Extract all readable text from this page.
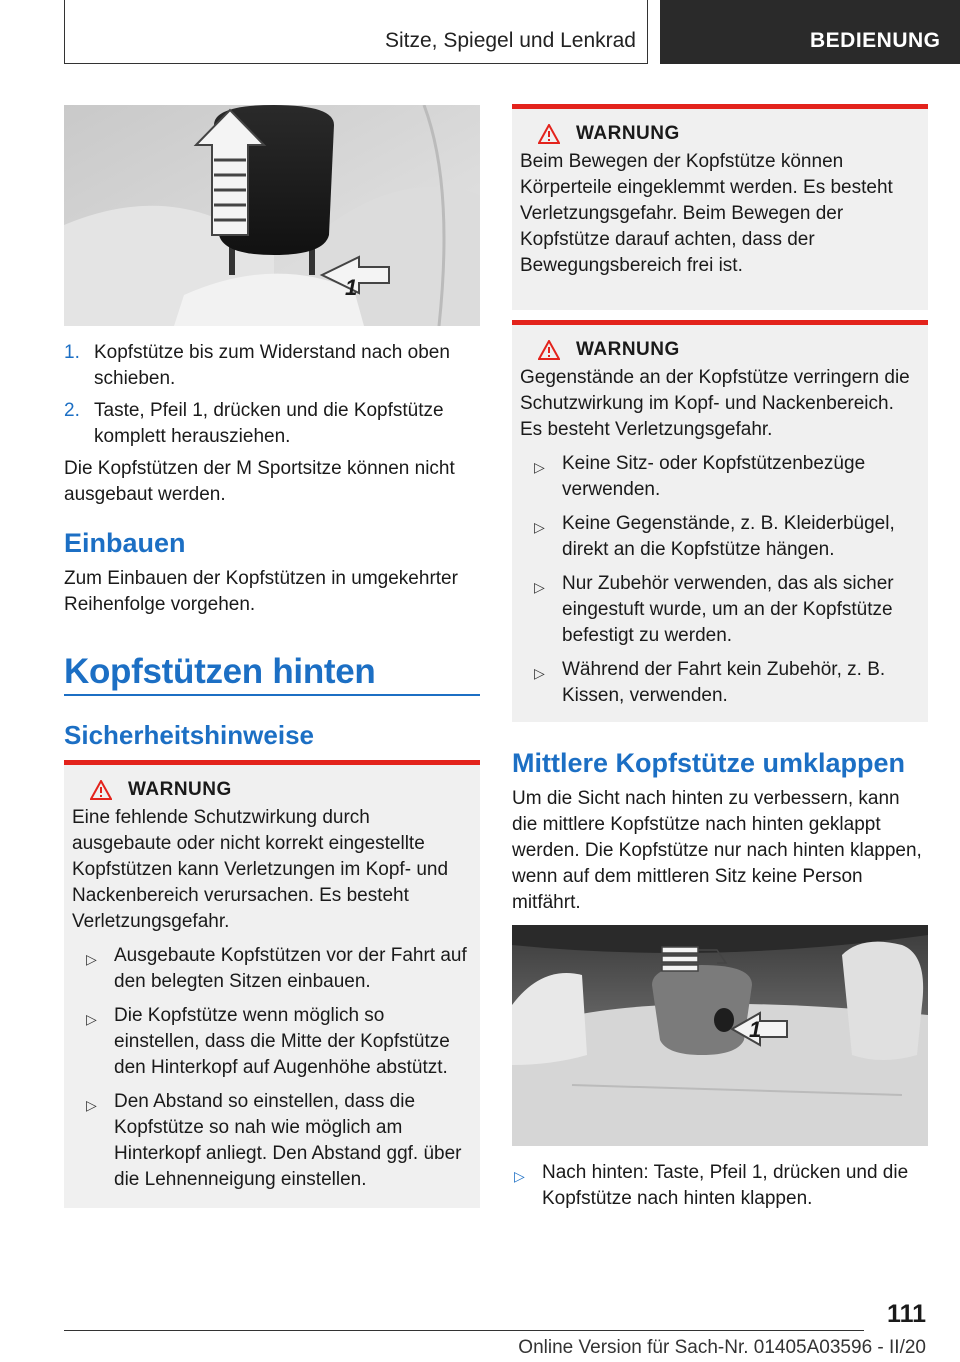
Sitze, Spiegel und Lenkrad	BEDIENUNG
1
1. Kopfstütze bis zum Widerstand nach oben schieben.
2. Taste, Pfeil 1, drücken und die Kopfstütze komplett herausziehen.

Die Kopfstützen der M Sportsitze können nicht ausgebaut werden.

Einbauen

Zum Einbauen der Kopfstützen in umgekehrter Reihenfolge vorgehen.

Kopfstützen hinten
Sicherheitshinweise
WARNUNG

Eine fehlende Schutzwirkung durch ausgebaute oder nicht korrekt eingestellte Kopfstützen kann Verletzungen im Kopf- und Nackenbereich verursachen. Es besteht Verletzungsgefahr.

▷ Ausgebaute Kopfstützen vor der Fahrt auf den belegten Sitzen einbauen.
▷ Die Kopfstütze wenn möglich so einstellen, dass die Mitte der Kopfstütze den Hinterkopf auf Augenhöhe abstützt.
▷ Den Abstand so einstellen, dass die Kopfstütze so nah wie möglich am Hinterkopf anliegt. Den Abstand ggf. über die Lehnenneigung einstellen.
WARNUNG

Beim Bewegen der Kopfstütze können Körperteile eingeklemmt werden. Es besteht Verletzungsgefahr. Beim Bewegen der Kopfstütze darauf achten, dass der Bewegungsbereich frei ist.

WARNUNG

Gegenstände an der Kopfstütze verringern die Schutzwirkung im Kopf- und Nackenbereich. Es besteht Verletzungsgefahr.

▷ Keine Sitz- oder Kopfstützenbezüge verwenden.
▷ Keine Gegenstände, z. B. Kleiderbügel, direkt an die Kopfstütze hängen.
▷ Nur Zubehör verwenden, das als sicher eingestuft wurde, um an der Kopfstütze befestigt zu werden.
▷ Während der Fahrt kein Zubehör, z. B. Kissen, verwenden.
Mittlere Kopfstütze umklappen

Um die Sicht nach hinten zu verbessern, kann die mittlere Kopfstütze nach hinten geklappt werden. Die Kopfstütze nur nach hinten klappen, wenn auf dem mittleren Sitz keine Person mitfährt.

1
▷ Nach hinten: Taste, Pfeil 1, drücken und die Kopfstütze nach hinten klappen.
111
Online Version für Sach-Nr. 01405A03596 - II/20
